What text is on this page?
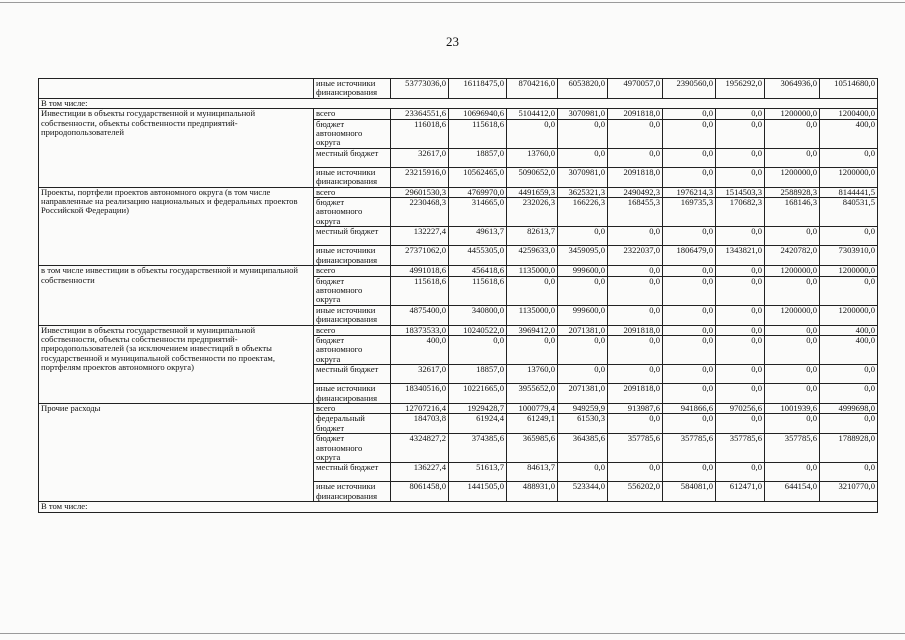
23
	иные источники финансирования	53773036,0	16118475,0	8704216,0	6053820,0	4970057,0	2390560,0	1956292,0	3064936,0	10514680,0
В том числе:										
Инвестиции в объекты государственной и муниципальной собственности, объекты собственности предприятий-природопользователей	всего	23364551,6	10696940,6	5104412,0	3070981,0	2091818,0	0,0	0,0	1200000,0	1200400,0
	бюджет автономного округа	116018,6	115618,6	0,0	0,0	0,0	0,0	0,0	0,0	400,0
	местный бюджет	32617,0	18857,0	13760,0	0,0	0,0	0,0	0,0	0,0	0,0
	иные источники финансирования	23215916,0	10562465,0	5090652,0	3070981,0	2091818,0	0,0	0,0	1200000,0	1200000,0
Проекты, портфели проектов автономного округа (в том числе направленные на реализацию национальных и федеральных проектов Российской Федерации)	всего	29601530,3	4769970,0	4491659,3	3625321,3	2490492,3	1976214,3	1514503,3	2588928,3	8144441,5
	бюджет автономного округа	2230468,3	314665,0	232026,3	166226,3	168455,3	169735,3	170682,3	168146,3	840531,5
	местный бюджет	132227,4	49613,7	82613,7	0,0	0,0	0,0	0,0	0,0	0,0
	иные источники финансирования	27371062,0	4455305,0	4259633,0	3459095,0	2322037,0	1806479,0	1343821,0	2420782,0	7303910,0
в том числе инвестиции в объекты государственной и муниципальной собственности	всего	4991018,6	456418,6	1135000,0	999600,0	0,0	0,0	0,0	1200000,0	1200000,0
	бюджет автономного округа	115618,6	115618,6	0,0	0,0	0,0	0,0	0,0	0,0	0,0
	иные источники финансирования	4875400,0	340800,0	1135000,0	999600,0	0,0	0,0	0,0	1200000,0	1200000,0
Инвестиции в объекты государственной и муниципальной собственности, объекты собственности предприятий-природопользователей (за исключением инвестиций в объекты государственной и муниципальной собственности по проектам, портфелям проектов автономного округа)	всего	18373533,0	10240522,0	3969412,0	2071381,0	2091818,0	0,0	0,0	0,0	400,0
	бюджет автономного округа	400,0	0,0	0,0	0,0	0,0	0,0	0,0	0,0	400,0
	местный бюджет	32617,0	18857,0	13760,0	0,0	0,0	0,0	0,0	0,0	0,0
	иные источники финансирования	18340516,0	10221665,0	3955652,0	2071381,0	2091818,0	0,0	0,0	0,0	0,0
Прочие расходы	всего	12707216,4	1929428,7	1000779,4	949259,9	913987,6	941866,6	970256,6	1001939,6	4999698,0
	федеральный бюджет	184703,8	61924,4	61249,1	61530,3	0,0	0,0	0,0	0,0	0,0
	бюджет автономного округа	4324827,2	374385,6	365985,6	364385,6	357785,6	357785,6	357785,6	357785,6	1788928,0
	местный бюджет	136227,4	51613,7	84613,7	0,0	0,0	0,0	0,0	0,0	0,0
	иные источники финансирования	8061458,0	1441505,0	488931,0	523344,0	556202,0	584081,0	612471,0	644154,0	3210770,0
В том числе:										
